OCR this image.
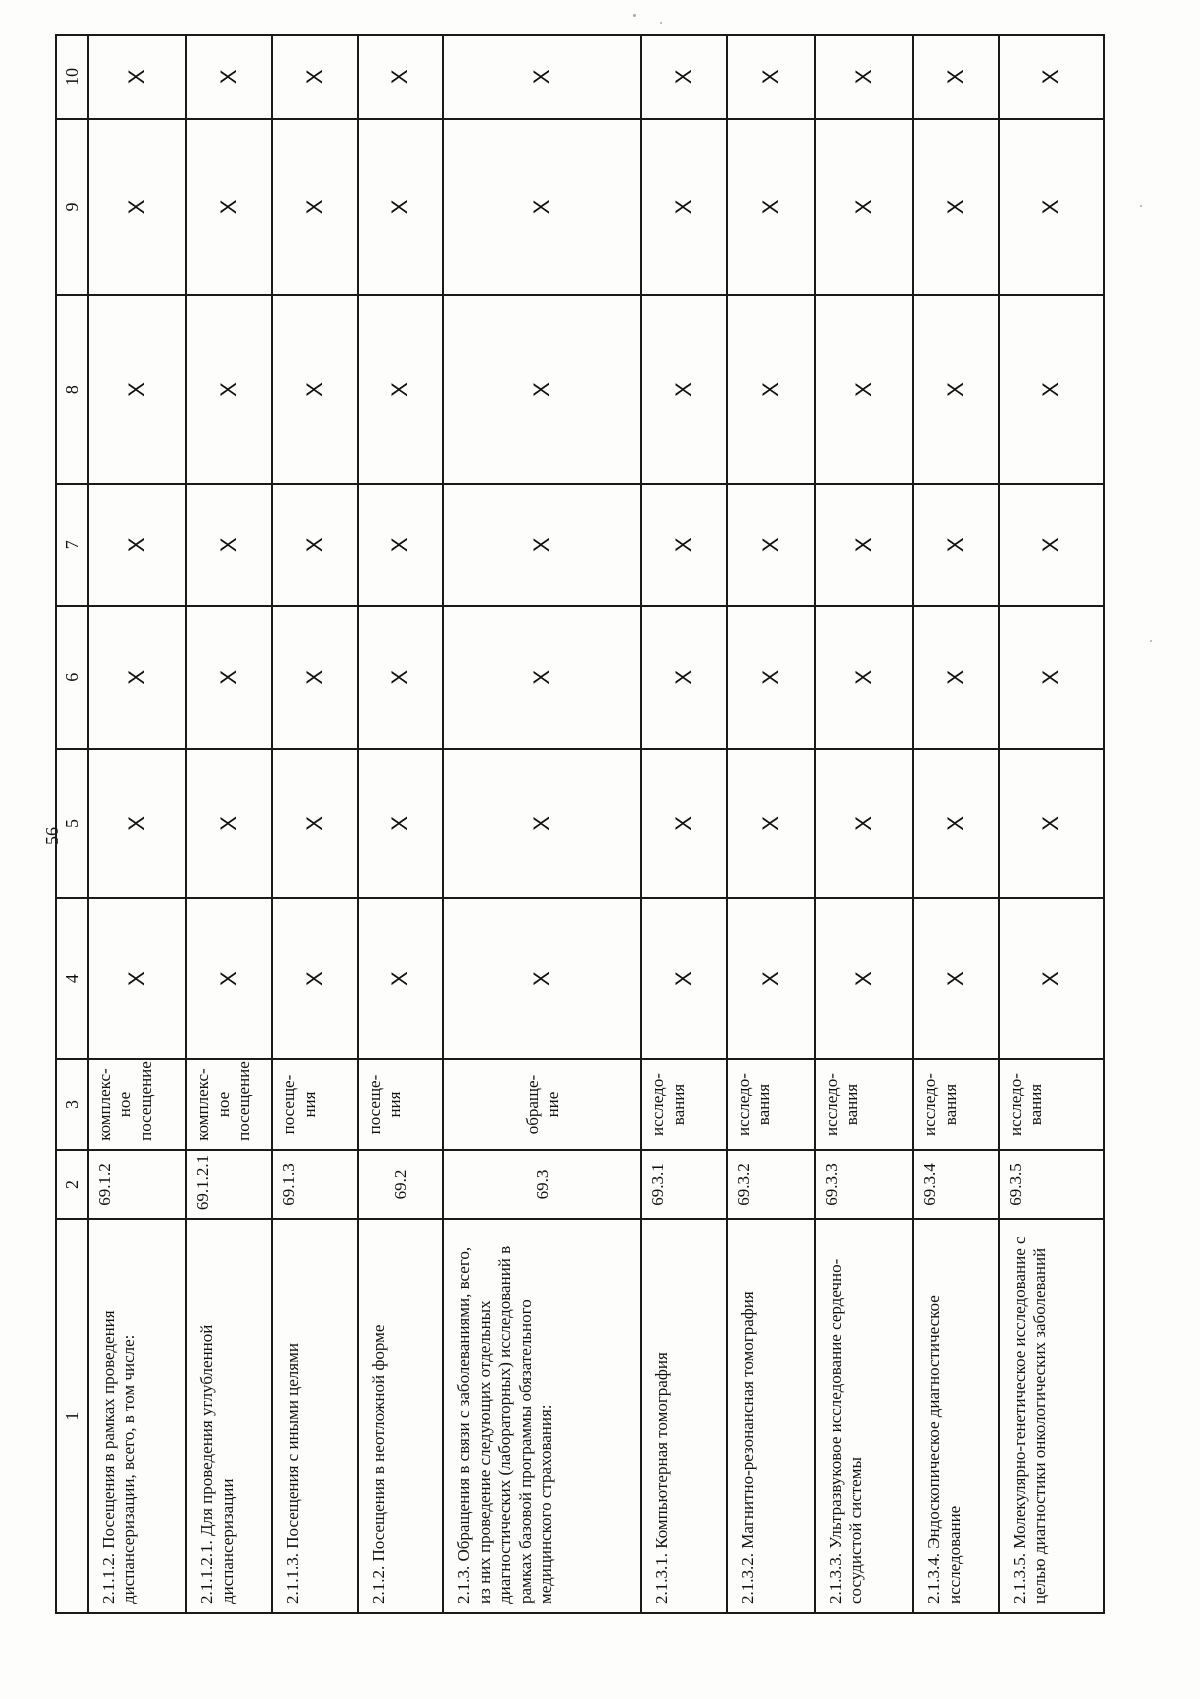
56
1	2	3	4	5	6	7	8	9	10
2.1.1.2. Посещения в рамках проведения диспансеризации, всего, в том числе:	69.1.2	комплекс-ное посещение	X	X	X	X	X	X	X
2.1.1.2.1. Для проведения углубленной диспансеризации	69.1.2.1	комплекс-ное посещение	X	X	X	X	X	X	X
2.1.1.3. Посещения с иными целями	69.1.3	посеще-ния	X	X	X	X	X	X	X
2.1.2. Посещения в неотложной форме	69.2	посеще-ния	X	X	X	X	X	X	X
2.1.3. Обращения в связи с заболеваниями, всего, из них проведение следующих отдельных диагностических (лабораторных) исследований в рамках базовой программы обязательного медицинского страхования:	69.3	обраще-ние	X	X	X	X	X	X	X
2.1.3.1. Компьютерная томография	69.3.1	исследо-вания	X	X	X	X	X	X	X
2.1.3.2. Магнитно-резонансная томография	69.3.2	исследо-вания	X	X	X	X	X	X	X
2.1.3.3. Ультразвуковое исследование сердечно-сосудистой системы	69.3.3	исследо-вания	X	X	X	X	X	X	X
2.1.3.4. Эндоскопическое диагностическое исследование	69.3.4	исследо-вания	X	X	X	X	X	X	X
2.1.3.5. Молекулярно-генетическое исследование с целью диагностики онкологических заболеваний	69.3.5	исследо-вания	X	X	X	X	X	X	X
